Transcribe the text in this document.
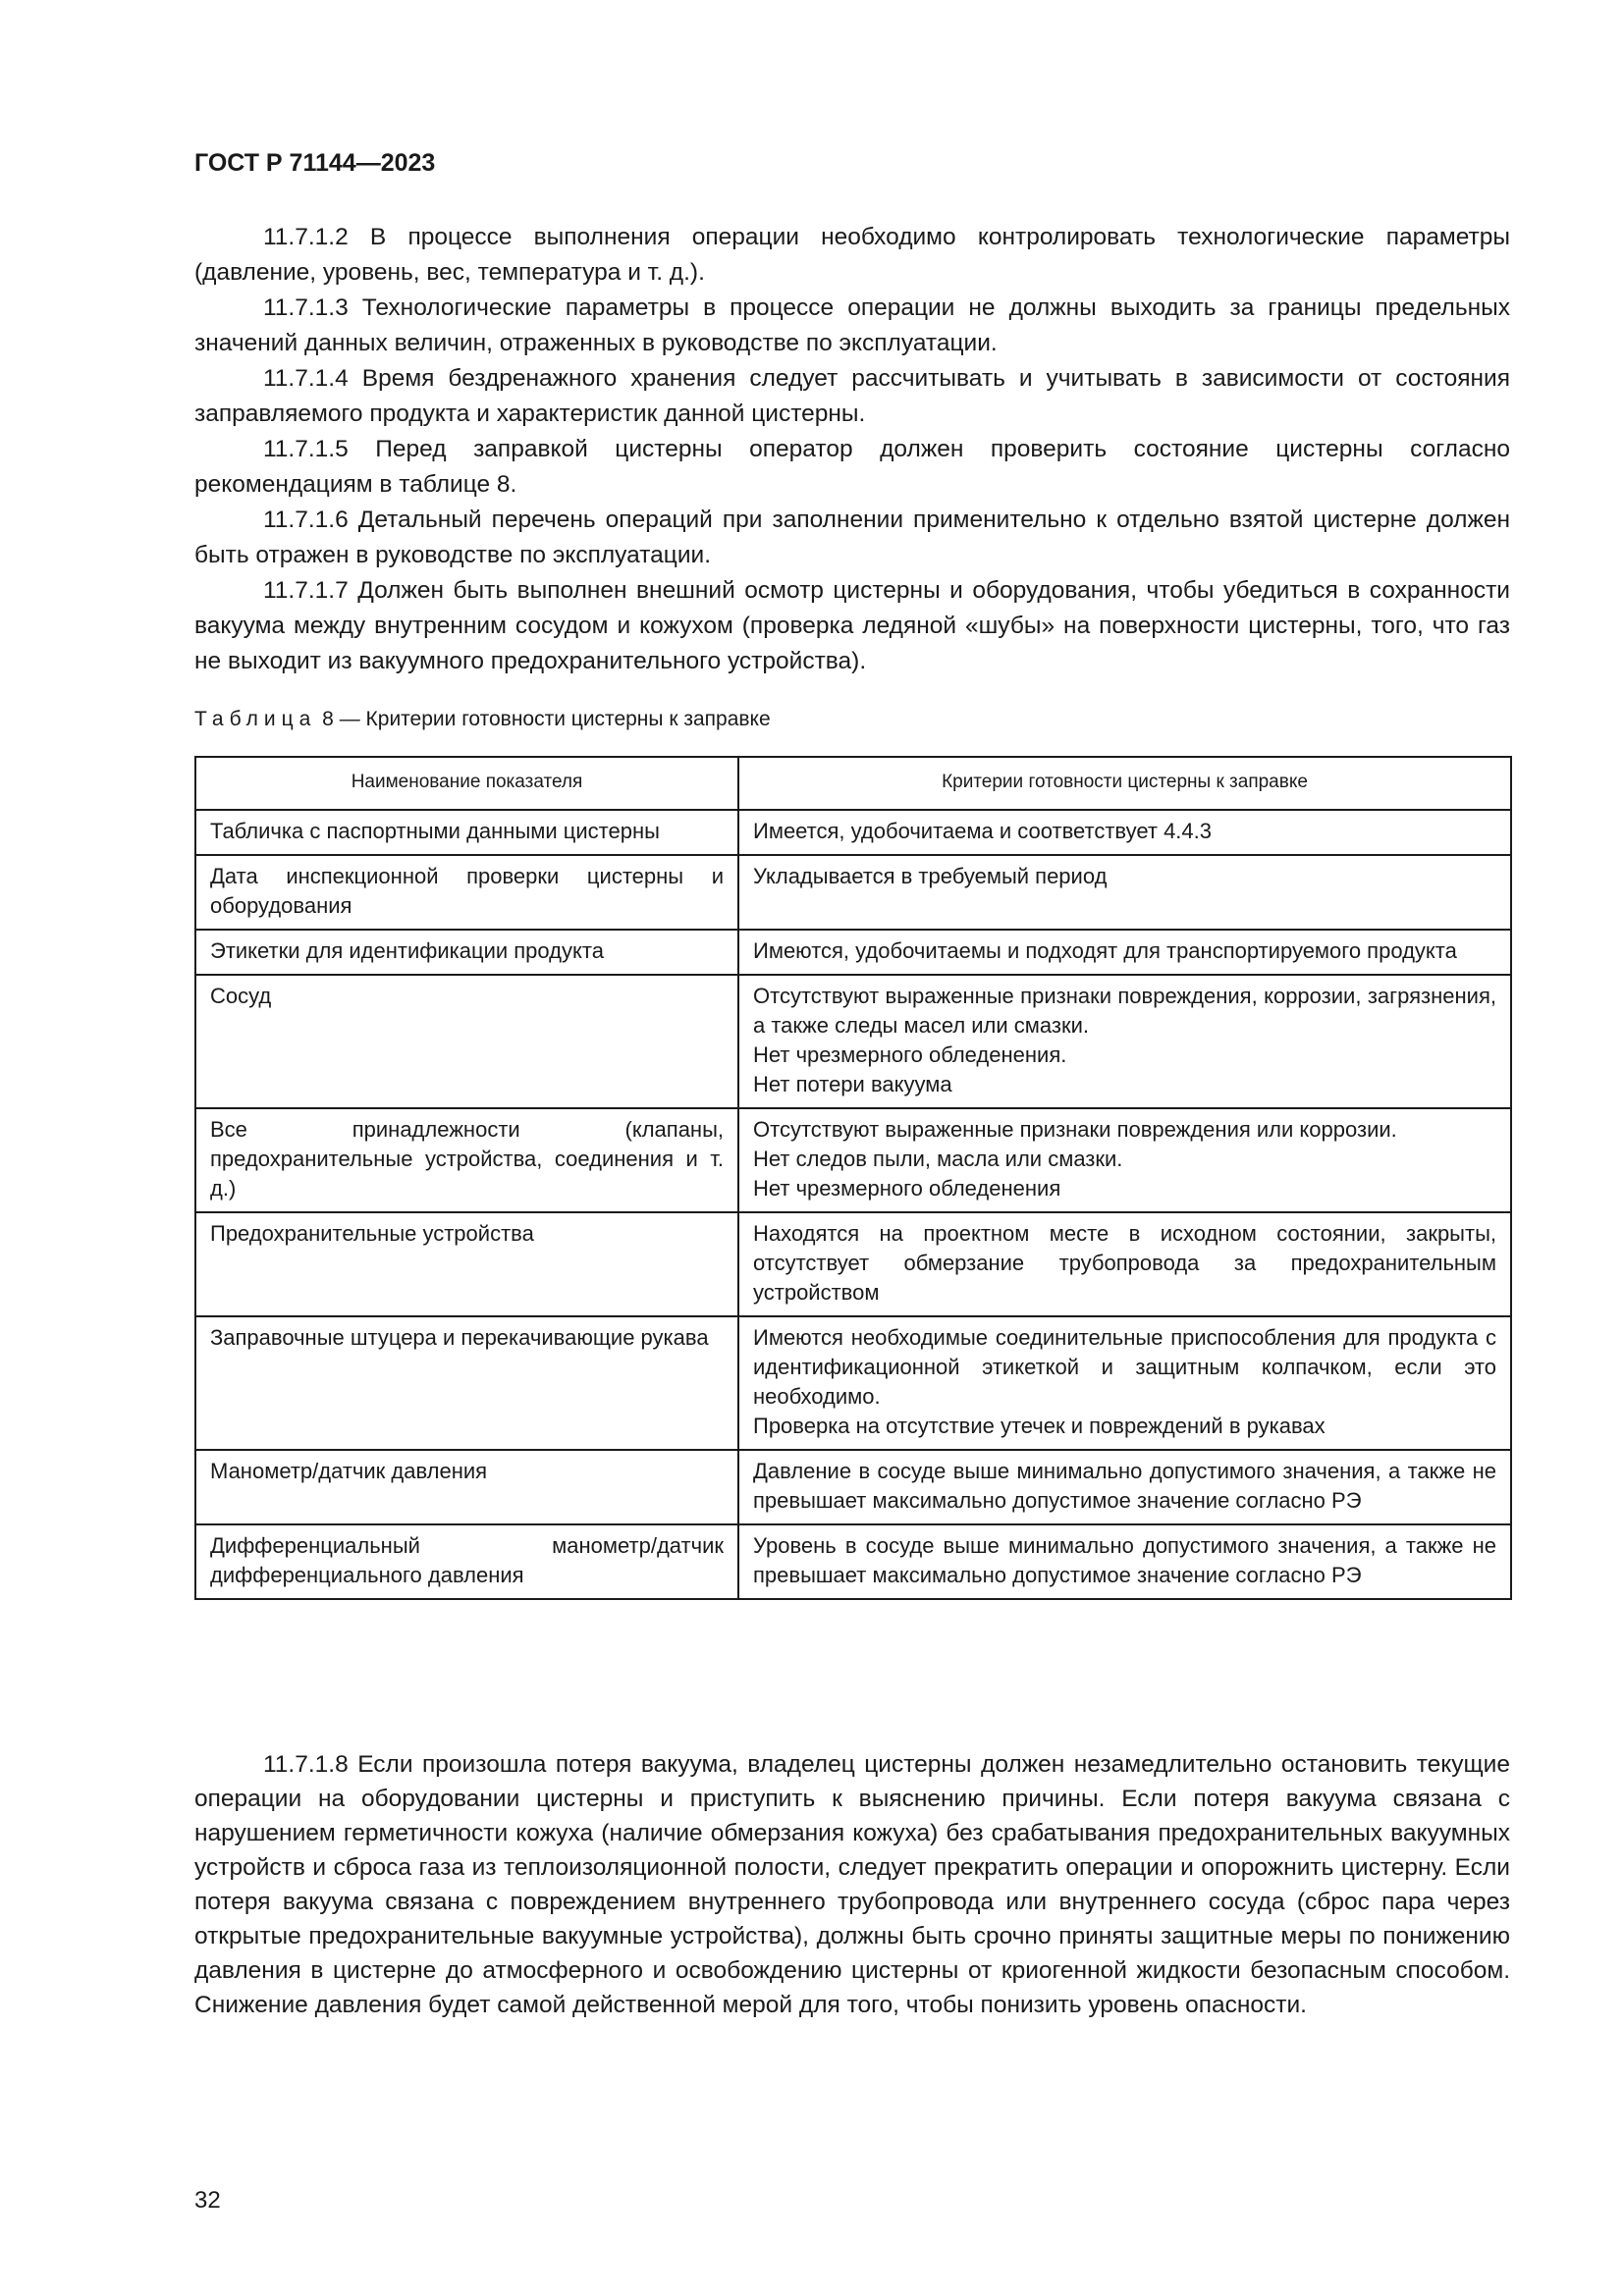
ГОСТ Р 71144—2023

11.7.1.2 В процессе выполнения операции необходимо контролировать технологические параметры (давление, уровень, вес, температура и т. д.).

11.7.1.3 Технологические параметры в процессе операции не должны выходить за границы предельных значений данных величин, отраженных в руководстве по эксплуатации.

11.7.1.4 Время бездренажного хранения следует рассчитывать и учитывать в зависимости от состояния заправляемого продукта и характеристик данной цистерны.

11.7.1.5 Перед заправкой цистерны оператор должен проверить состояние цистерны согласно рекомендациям в таблице 8.

11.7.1.6 Детальный перечень операций при заполнении применительно к отдельно взятой цистерне должен быть отражен в руководстве по эксплуатации.

11.7.1.7 Должен быть выполнен внешний осмотр цистерны и оборудования, чтобы убедиться в сохранности вакуума между внутренним сосудом и кожухом (проверка ледяной «шубы» на поверхности цистерны, того, что газ не выходит из вакуумного предохранительного устройства).

Таблица 8 — Критерии готовности цистерны к заправке
Наименование показателя	Критерии готовности цистерны к заправке
Табличка с паспортными данными цистерны	Имеется, удобочитаема и соответствует 4.4.3

Дата инспекционной проверки цистерны и оборудования	Укладывается в требуемый период

Этикетки для идентификации продукта	Имеются, удобочитаемы и подходят для транспортируемого продукта

Сосуд	Отсутствуют выраженные признаки повреждения, коррозии, загрязнения, а также следы масел или смазки.
Нет чрезмерного обледенения.
Нет потери вакуума

Все принадлежности (клапаны, предохранительные устройства, соединения и т. д.)	Отсутствуют выраженные признаки повреждения или коррозии.
Нет следов пыли, масла или смазки.
Нет чрезмерного обледенения

Предохранительные устройства	Находятся на проектном месте в исходном состоянии, закрыты, отсутствует обмерзание трубопровода за предохранительным устройством

Заправочные штуцера и перекачивающие рукава	Имеются необходимые соединительные приспособления для продукта с идентификационной этикеткой и защитным колпачком, если это необходимо.
Проверка на отсутствие утечек и повреждений в рукавах

Манометр/датчик давления	Давление в сосуде выше минимально допустимого значения, а также не превышает максимально допустимое значение согласно РЭ

Дифференциальный манометр/датчик дифференциального давления	Уровень в сосуде выше минимально допустимого значения, а также не превышает максимально допустимое значение согласно РЭ

11.7.1.8 Если произошла потеря вакуума, владелец цистерны должен незамедлительно остановить текущие операции на оборудовании цистерны и приступить к выяснению причины. Если потеря вакуума связана с нарушением герметичности кожуха (наличие обмерзания кожуха) без срабатывания предохранительных вакуумных устройств и сброса газа из теплоизоляционной полости, следует прекратить операции и опорожнить цистерну. Если потеря вакуума связана с повреждением внутреннего трубопровода или внутреннего сосуда (сброс пара через открытые предохранительные вакуумные устройства), должны быть срочно приняты защитные меры по понижению давления в цистерне до атмосферного и освобождению цистерны от криогенной жидкости безопасным способом. Снижение давления будет самой действенной мерой для того, чтобы понизить уровень опасности.

32
